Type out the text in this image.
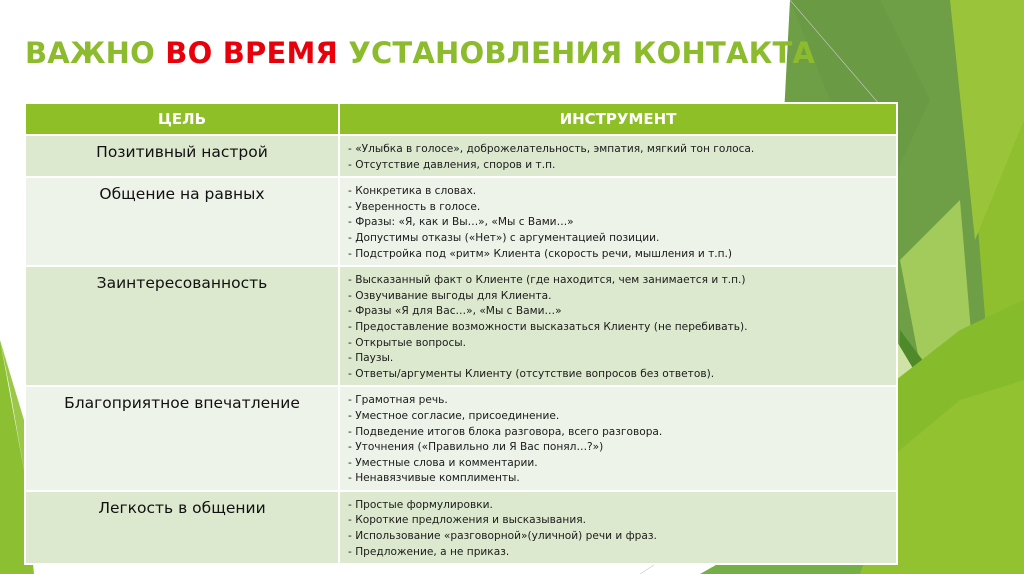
ВАЖНО ВО ВРЕМЯ УСТАНОВЛЕНИЯ КОНТАКТА
ЦЕЛЬ	ИНСТРУМЕНТ
Позитивный настрой	- «Улыбка в голосе», доброжелательность, эмпатия, мягкий тон голоса.
- Отсутствие давления, споров и т.п.

Общение на равных	- Конкретика в словах.
- Уверенность в голосе.
- Фразы: «Я, как и Вы…», «Мы с Вами…»
- Допустимы отказы («Нет») с аргументацией позиции.
- Подстройка под «ритм» Клиента (скорость речи, мышления и т.п.)

Заинтересованность	- Высказанный факт о Клиенте (где находится, чем занимается и т.п.)
- Озвучивание выгоды для Клиента.
- Фразы «Я для Вас…», «Мы с Вами…»
- Предоставление возможности высказаться Клиенту (не перебивать).
- Открытые вопросы.
- Паузы.
- Ответы/аргументы Клиенту (отсутствие вопросов без ответов).

Благоприятное впечатление	- Грамотная речь.
- Уместное согласие, присоединение.
- Подведение итогов блока разговора, всего разговора.
- Уточнения («Правильно ли Я Вас понял…?»)
- Уместные слова и комментарии.
- Ненавязчивые комплименты.

Легкость в общении	- Простые формулировки.
- Короткие предложения и высказывания.
- Использование «разговорной»(уличной) речи и фраз.
- Предложение, а не приказ.
